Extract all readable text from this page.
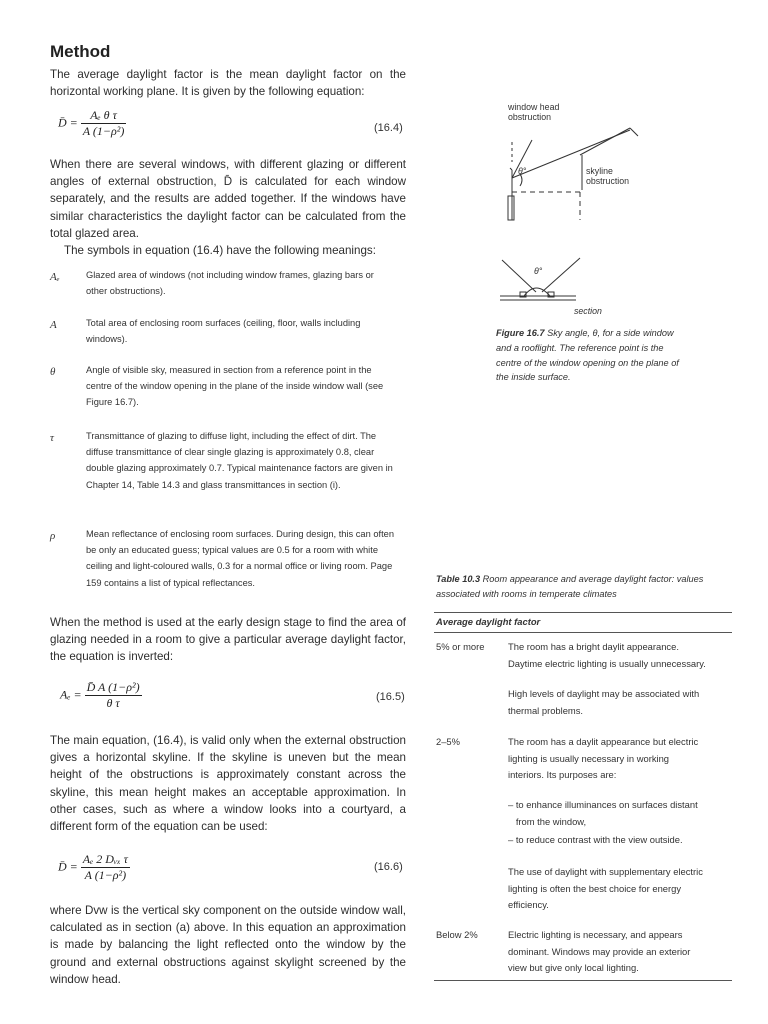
Method
The average daylight factor is the mean daylight factor on the horizontal working plane. It is given by the following equation:
D̄ = $\frac{\text{Aₑ θ τ}}{\text{A (1−ρ²)}}$	(16.4)
When there are several windows, with different glazing or different angles of external obstruction, D̄ is calculated for each window separately, and the results are added together. If the windows have similar characteristics the daylight factor can be calculated from the total glazed area.
The symbols in equation (16.4) have the following meanings:
Aₑ	Glazed area of windows (not including window frames, glazing bars or other obstructions).
A	Total area of enclosing room surfaces (ceiling, floor, walls including windows).
θ	Angle of visible sky, measured in section from a reference point in the centre of the window opening in the plane of the inside window wall (see Figure 16.7).
τ	Transmittance of glazing to diffuse light, including the effect of dirt. The diffuse transmittance of clear single glazing is approximately 0.8, clear double glazing approximately 0.7. Typical maintenance factors are given in Chapter 14, Table 14.3 and glass transmittances in section (i).
ρ	Mean reflectance of enclosing room surfaces. During design, this can often be only an educated guess; typical values are 0.5 for a room with white ceiling and light-coloured walls, 0.3 for a normal office or living room. Page 159 contains a list of typical reflectances.
When the method is used at the early design stage to find the area of glazing needed in a room to give a particular average daylight factor, the equation is inverted:
$A_e = \frac{\text{D̄ A (1−ρ²)}}{\text{θ τ}}$	(16.5)
The main equation, (16.4), is valid only when the external obstruction gives a horizontal skyline. If the skyline is uneven but the mean height of the obstructions is approximately constant across the skyline, this mean height makes an acceptable approximation. In other cases, such as where a window looks into a courtyard, a different form of the equation can be used:
D̄ = $\frac{\text{Aₑ 2 Dᵥₓ τ}}{\text{A (1−ρ²)}}$	(16.6)
where Dvw is the vertical sky component on the outside window wall, calculated as in section (a) above. In this equation an approximation is made by balancing the light reflected onto the window by the ground and external obstructions against skylight screened by the window head.
window head obstruction
skyline obstruction
θ°
θ°
section
Figure 16.7 Sky angle, θ, for a side window and a rooflight. The reference point is the centre of the window opening on the plane of the inside surface.
Table 10.3 Room appearance and average daylight factor: values associated with rooms in temperate climates
Average daylight factor
5% or more	The room has a bright daylit appearance.
Daytime electric lighting is usually unnecessary.
High levels of daylight may be associated with
thermal problems.
2–5%	The room has a daylit appearance but electric
lighting is usually necessary in working
interiors. Its purposes are:
– to enhance illuminances on surfaces distant
from the window,
– to reduce contrast with the view outside.
The use of daylight with supplementary electric
lighting is often the best choice for energy
efficiency.
Below 2%	Electric lighting is necessary, and appears
dominant. Windows may provide an exterior
view but give only local lighting.
